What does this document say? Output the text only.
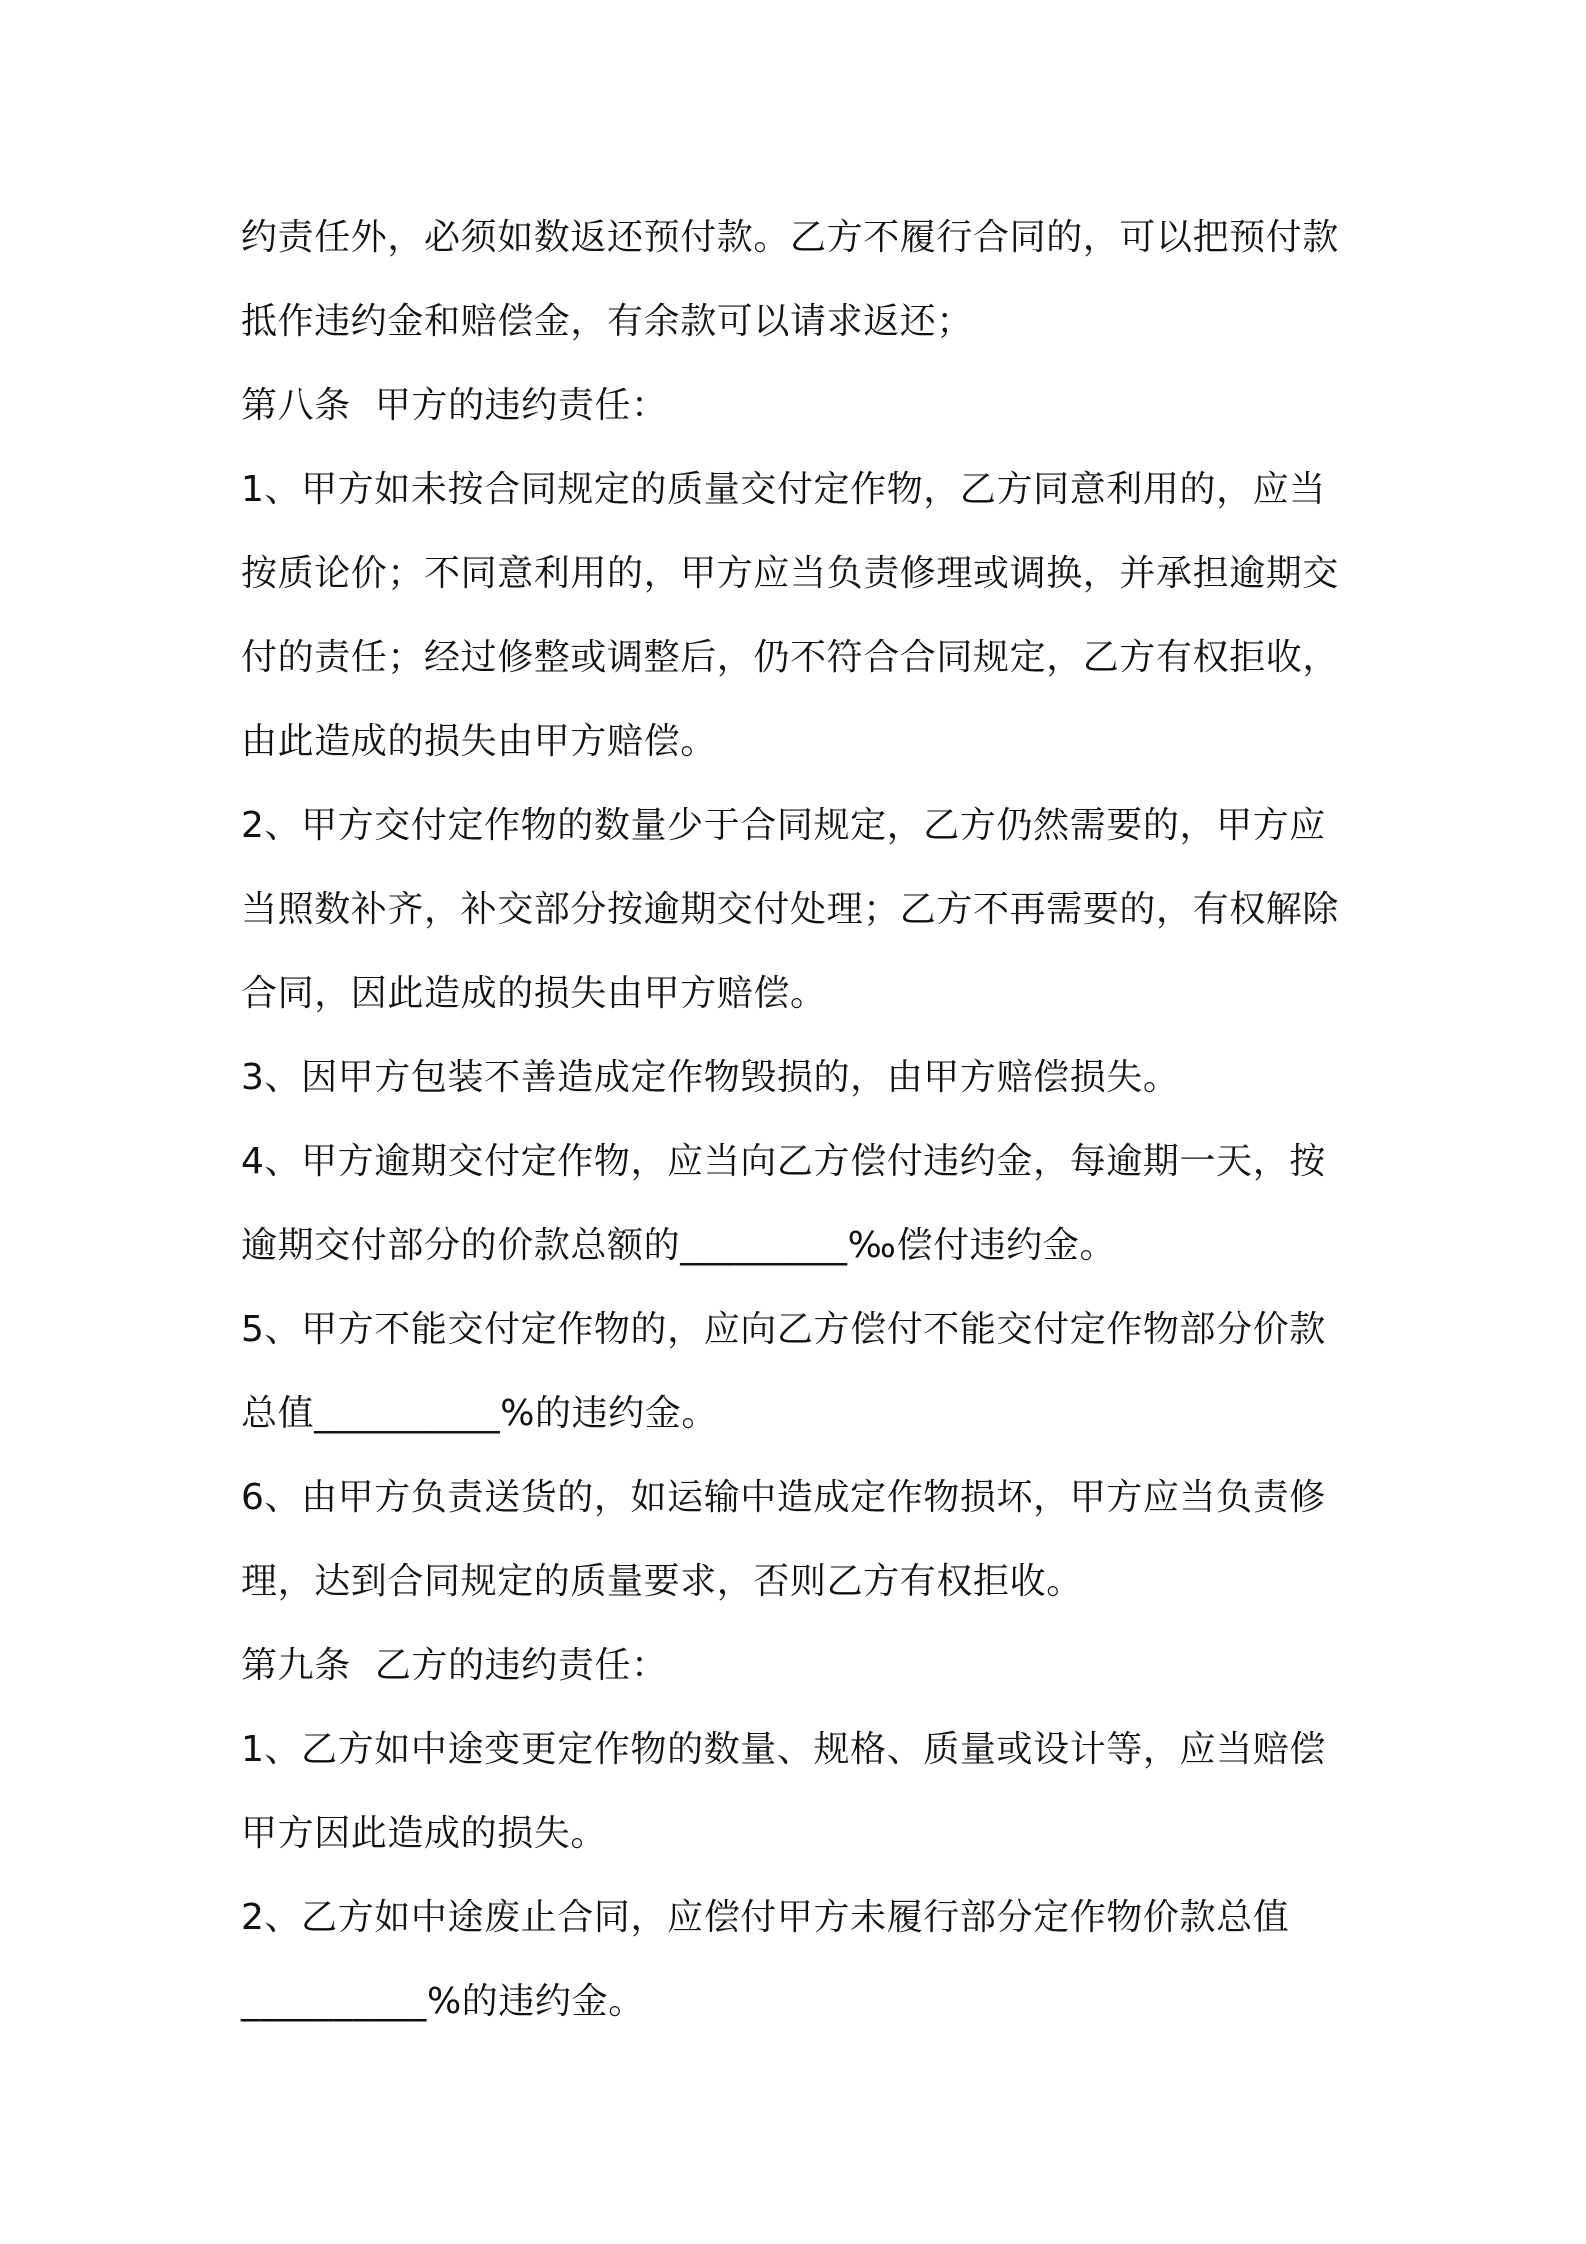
约责任外，必须如数返还预付款。乙方不履行合同的，可以把预付款
抵作违约金和赔偿金，有余款可以请求返还；
第八条  甲方的违约责任：
1、甲方如未按合同规定的质量交付定作物，乙方同意利用的，应当
按质论价；不同意利用的，甲方应当负责修理或调换，并承担逾期交
付的责任；经过修整或调整后，仍不符合合同规定，乙方有权拒收，
由此造成的损失由甲方赔偿。
2、甲方交付定作物的数量少于合同规定，乙方仍然需要的，甲方应
当照数补齐，补交部分按逾期交付处理；乙方不再需要的，有权解除
合同，因此造成的损失由甲方赔偿。
3、因甲方包装不善造成定作物毁损的，由甲方赔偿损失。
4、甲方逾期交付定作物，应当向乙方偿付违约金，每逾期一天，按
逾期交付部分的价款总额的_________‰偿付违约金。
5、甲方不能交付定作物的，应向乙方偿付不能交付定作物部分价款
总值__________%的违约金。
6、由甲方负责送货的，如运输中造成定作物损坏，甲方应当负责修
理，达到合同规定的质量要求，否则乙方有权拒收。
第九条  乙方的违约责任：
1、乙方如中途变更定作物的数量、规格、质量或设计等，应当赔偿
甲方因此造成的损失。
2、乙方如中途废止合同，应偿付甲方未履行部分定作物价款总值
__________%的违约金。
